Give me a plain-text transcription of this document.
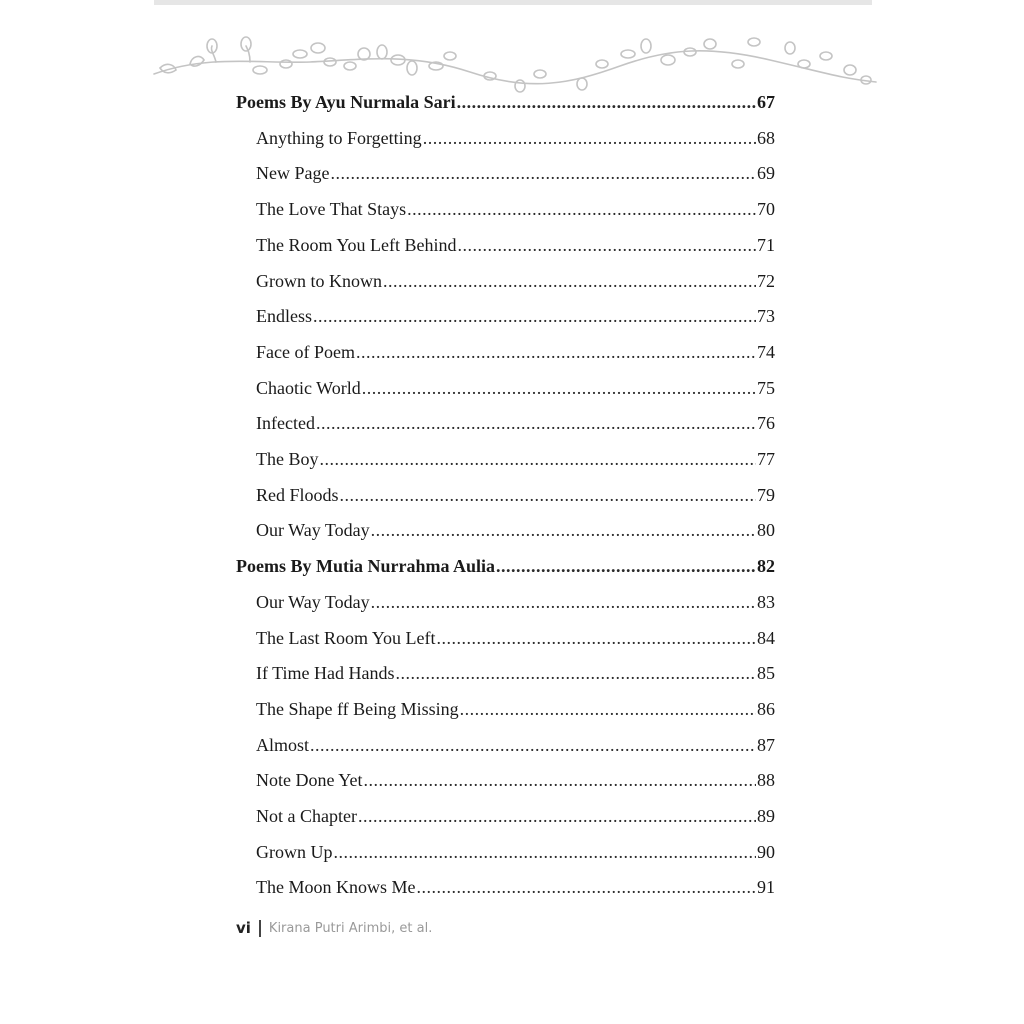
Poems By Ayu Nurmala Sari .....	67
Anything to Forgetting .....	68
New Page .....	69
The Love That Stays .....	70
The Room You Left Behind .....	71
Grown to Known .....	72
Endless .....	73
Face of Poem .....	74
Chaotic World .....	75
Infected .....	76
The Boy .....	77
Red Floods .....	79
Our Way Today .....	80
Poems By Mutia Nurrahma Aulia .....	82
Our Way Today .....	83
The Last Room You Left .....	84
If Time Had Hands .....	85
The Shape ff Being Missing .....	86
Almost .....	87
Note Done Yet .....	88
Not a Chapter .....	89
Grown Up .....	90
The Moon Knows Me .....	91
vi Kirana Putri Arimbi, et al.
